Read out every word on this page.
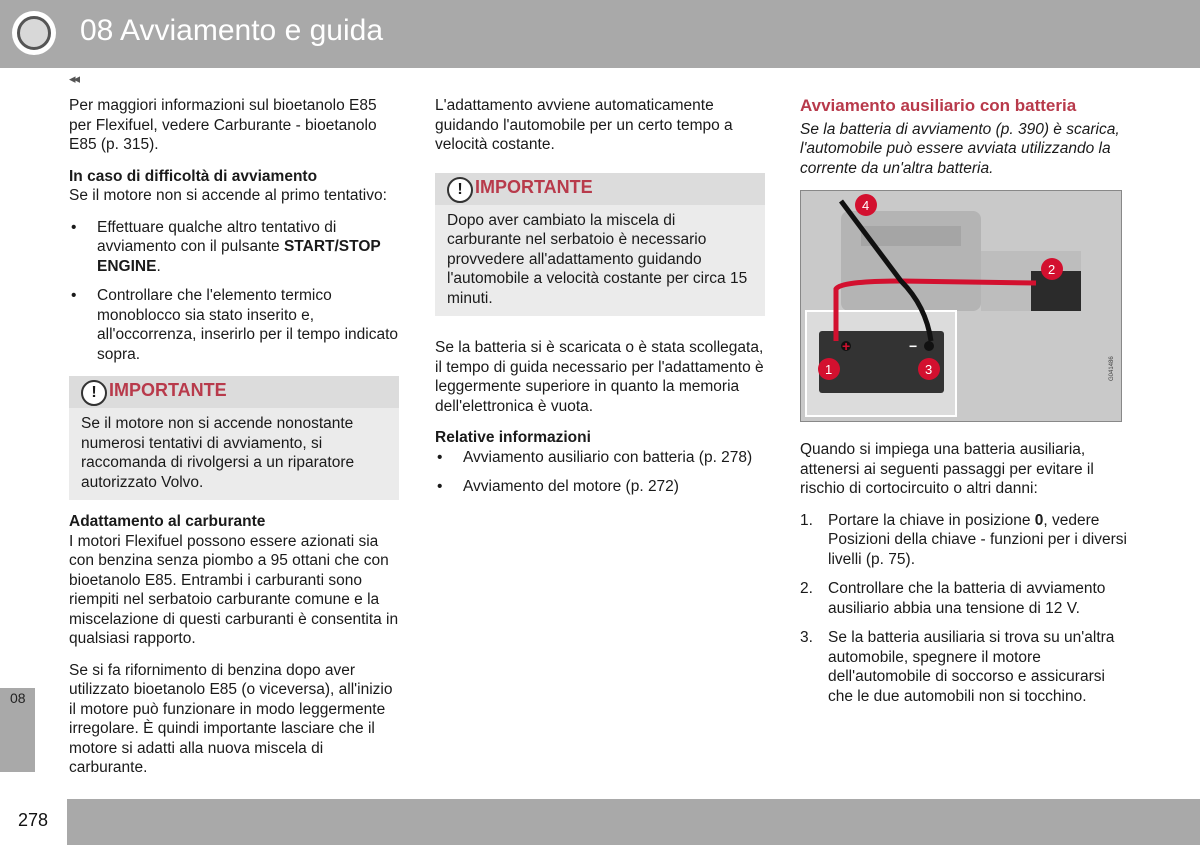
08 Avviamento e guida
◂◂

Per maggiori informazioni sul bioetanolo E85 per Flexifuel, vedere Carburante - bioetanolo E85 (p. 315).

In caso di difficoltà di avviamento

Se il motore non si accende al primo tentativo:

• Effettuare qualche altro tentativo di avviamento con il pulsante START/STOP ENGINE.
• Controllare che l'elemento termico monoblocco sia stato inserito e, all'occorrenza, inserirlo per il tempo indicato sopra.
! IMPORTANTE
Se il motore non si accende nonostante numerosi tentativi di avviamento, si raccomanda di rivolgersi a un riparatore autorizzato Volvo.
Adattamento al carburante

I motori Flexifuel possono essere azionati sia con benzina senza piombo a 95 ottani che con bioetanolo E85. Entrambi i carburanti sono riempiti nel serbatoio carburante comune e la miscelazione di questi carburanti è consentita in qualsiasi rapporto.

Se si fa rifornimento di benzina dopo aver utilizzato bioetanolo E85 (o viceversa), all'inizio il motore può funzionare in modo leggermente irregolare. È quindi importante lasciare che il motore si adatti alla nuova miscela di carburante.

L'adattamento avviene automaticamente guidando l'automobile per un certo tempo a velocità costante.

! IMPORTANTE
Dopo aver cambiato la miscela di carburante nel serbatoio è necessario provvedere all'adattamento guidando l'automobile a velocità costante per circa 15 minuti.

Se la batteria si è scaricata o è stata scollegata, il tempo di guida necessario per l'adattamento è leggermente superiore in quanto la memoria dell'elettronica è vuota.

Relative informazioni
• Avviamento ausiliario con batteria (p. 278)
• Avviamento del motore (p. 272)
Avviamento ausiliario con batteria

Se la batteria di avviamento (p. 390) è scarica, l'automobile può essere avviata utilizzando la corrente da un'altra batteria.

+	−
1
2
3
4
G041486

Quando si impiega una batteria ausiliaria, attenersi ai seguenti passaggi per evitare il rischio di cortocircuito o altri danni:

1. Portare la chiave in posizione 0, vedere Posizioni della chiave - funzioni per i diversi livelli (p. 75).
2. Controllare che la batteria di avviamento ausiliario abbia una tensione di 12 V.
3. Se la batteria ausiliaria si trova su un'altra automobile, spegnere il motore dell'automobile di soccorso e assicurarsi che le due automobili non si tocchino.
08
278
